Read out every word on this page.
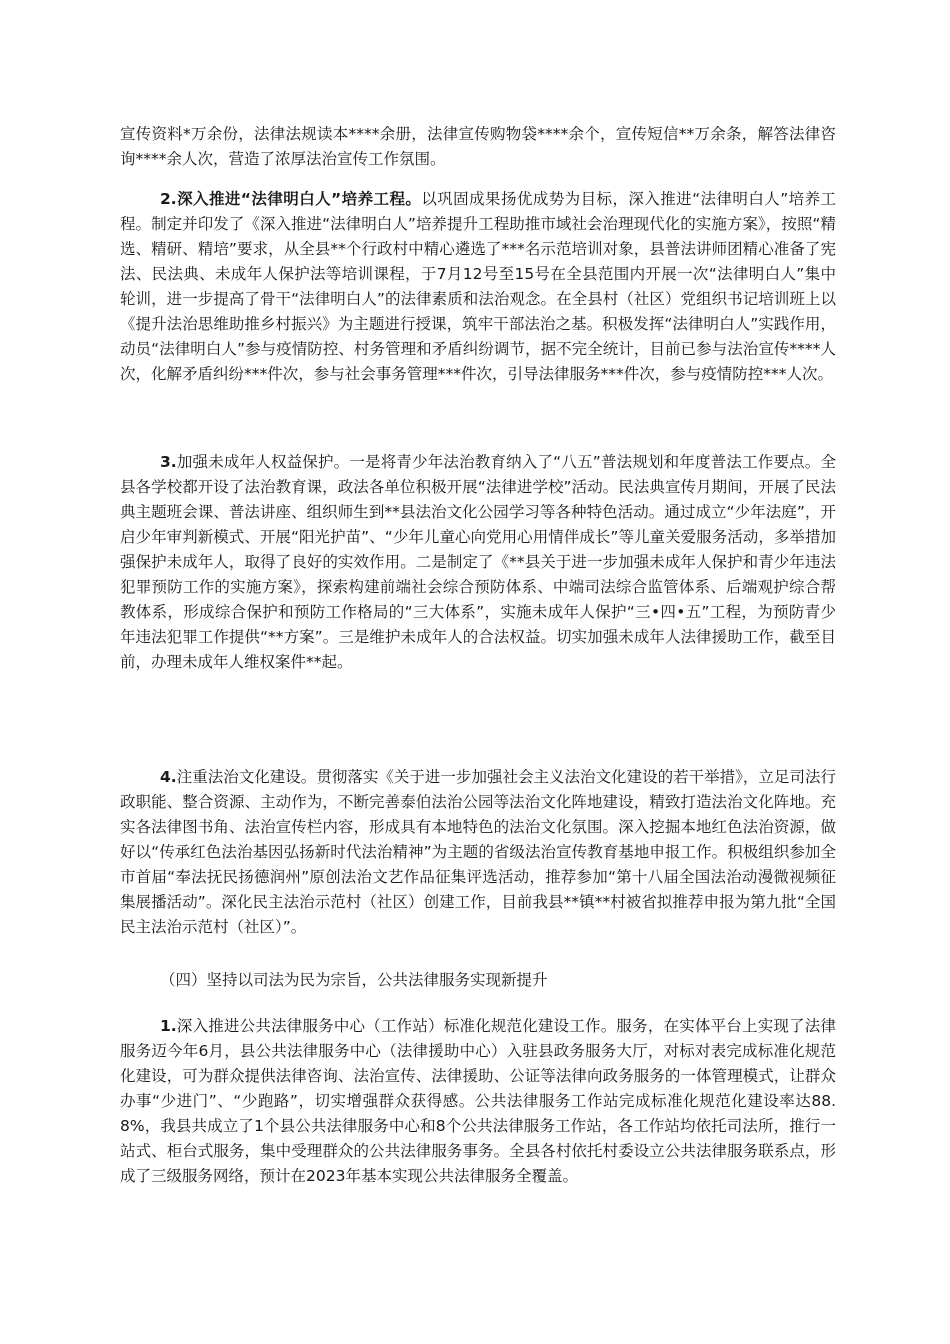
宣传资料*万余份，法律法规读本****余册，法律宣传购物袋****余个，宣传短信**万余条，解答法律咨询****余人次，营造了浓厚法治宣传工作氛围。

2.深入推进“法律明白人”培养工程。以巩固成果扬优成势为目标，深入推进“法律明白人”培养工程。制定并印发了《深入推进“法律明白人”培养提升工程助推市域社会治理现代化的实施方案》，按照“精选、精研、精培”要求，从全县**个行政村中精心遴选了***名示范培训对象，县普法讲师团精心准备了宪法、民法典、未成年人保护法等培训课程，于7月12号至15号在全县范围内开展一次“法律明白人”集中轮训，进一步提高了骨干“法律明白人”的法律素质和法治观念。在全县村（社区）党组织书记培训班上以《提升法治思维助推乡村振兴》为主题进行授课，筑牢干部法治之基。积极发挥“法律明白人”实践作用，动员“法律明白人”参与疫情防控、村务管理和矛盾纠纷调节，据不完全统计，目前已参与法治宣传****人次，化解矛盾纠纷***件次，参与社会事务管理***件次，引导法律服务***件次，参与疫情防控***人次。

3.加强未成年人权益保护。一是将青少年法治教育纳入了“八五”普法规划和年度普法工作要点。全县各学校都开设了法治教育课，政法各单位积极开展“法律进学校”活动。民法典宣传月期间，开展了民法典主题班会课、普法讲座、组织师生到**县法治文化公园学习等各种特色活动。通过成立“少年法庭”，开启少年审判新模式、开展“阳光护苗”、“少年儿童心向党用心用情伴成长”等儿童关爱服务活动，多举措加强保护未成年人，取得了良好的实效作用。二是制定了《**县关于进一步加强未成年人保护和青少年违法犯罪预防工作的实施方案》，探索构建前端社会综合预防体系、中端司法综合监管体系、后端观护综合帮教体系，形成综合保护和预防工作格局的“三大体系”，实施未成年人保护“三•四•五”工程，为预防青少年违法犯罪工作提供“**方案”。三是维护未成年人的合法权益。切实加强未成年人法律援助工作，截至目前，办理未成年人维权案件**起。

4.注重法治文化建设。贯彻落实《关于进一步加强社会主义法治文化建设的若干举措》，立足司法行政职能、整合资源、主动作为，不断完善泰伯法治公园等法治文化阵地建设，精致打造法治文化阵地。充实各法律图书角、法治宣传栏内容，形成具有本地特色的法治文化氛围。深入挖掘本地红色法治资源，做好以“传承红色法治基因弘扬新时代法治精神”为主题的省级法治宣传教育基地申报工作。积极组织参加全市首届“奉法抚民扬德润州”原创法治文艺作品征集评选活动，推荐参加“第十八届全国法治动漫微视频征集展播活动”。深化民主法治示范村（社区）创建工作，目前我县**镇**村被省拟推荐申报为第九批“全国民主法治示范村（社区）”。

（四）坚持以司法为民为宗旨，公共法律服务实现新提升

1.深入推进公共法律服务中心（工作站）标准化规范化建设工作。服务，在实体平台上实现了法律服务迈今年6月，县公共法律服务中心（法律援助中心）入驻县政务服务大厅，对标对表完成标准化规范化建设，可为群众提供法律咨询、法治宣传、法律援助、公证等法律向政务服务的一体管理模式，让群众办事“少进门”、“少跑路”，切实增强群众获得感。公共法律服务工作站完成标准化规范化建设率达88.8%，我县共成立了1个县公共法律服务中心和8个公共法律服务工作站，各工作站均依托司法所，推行一站式、柜台式服务，集中受理群众的公共法律服务事务。全县各村依托村委设立公共法律服务联系点，形成了三级服务网络，预计在2023年基本实现公共法律服务全覆盖。
